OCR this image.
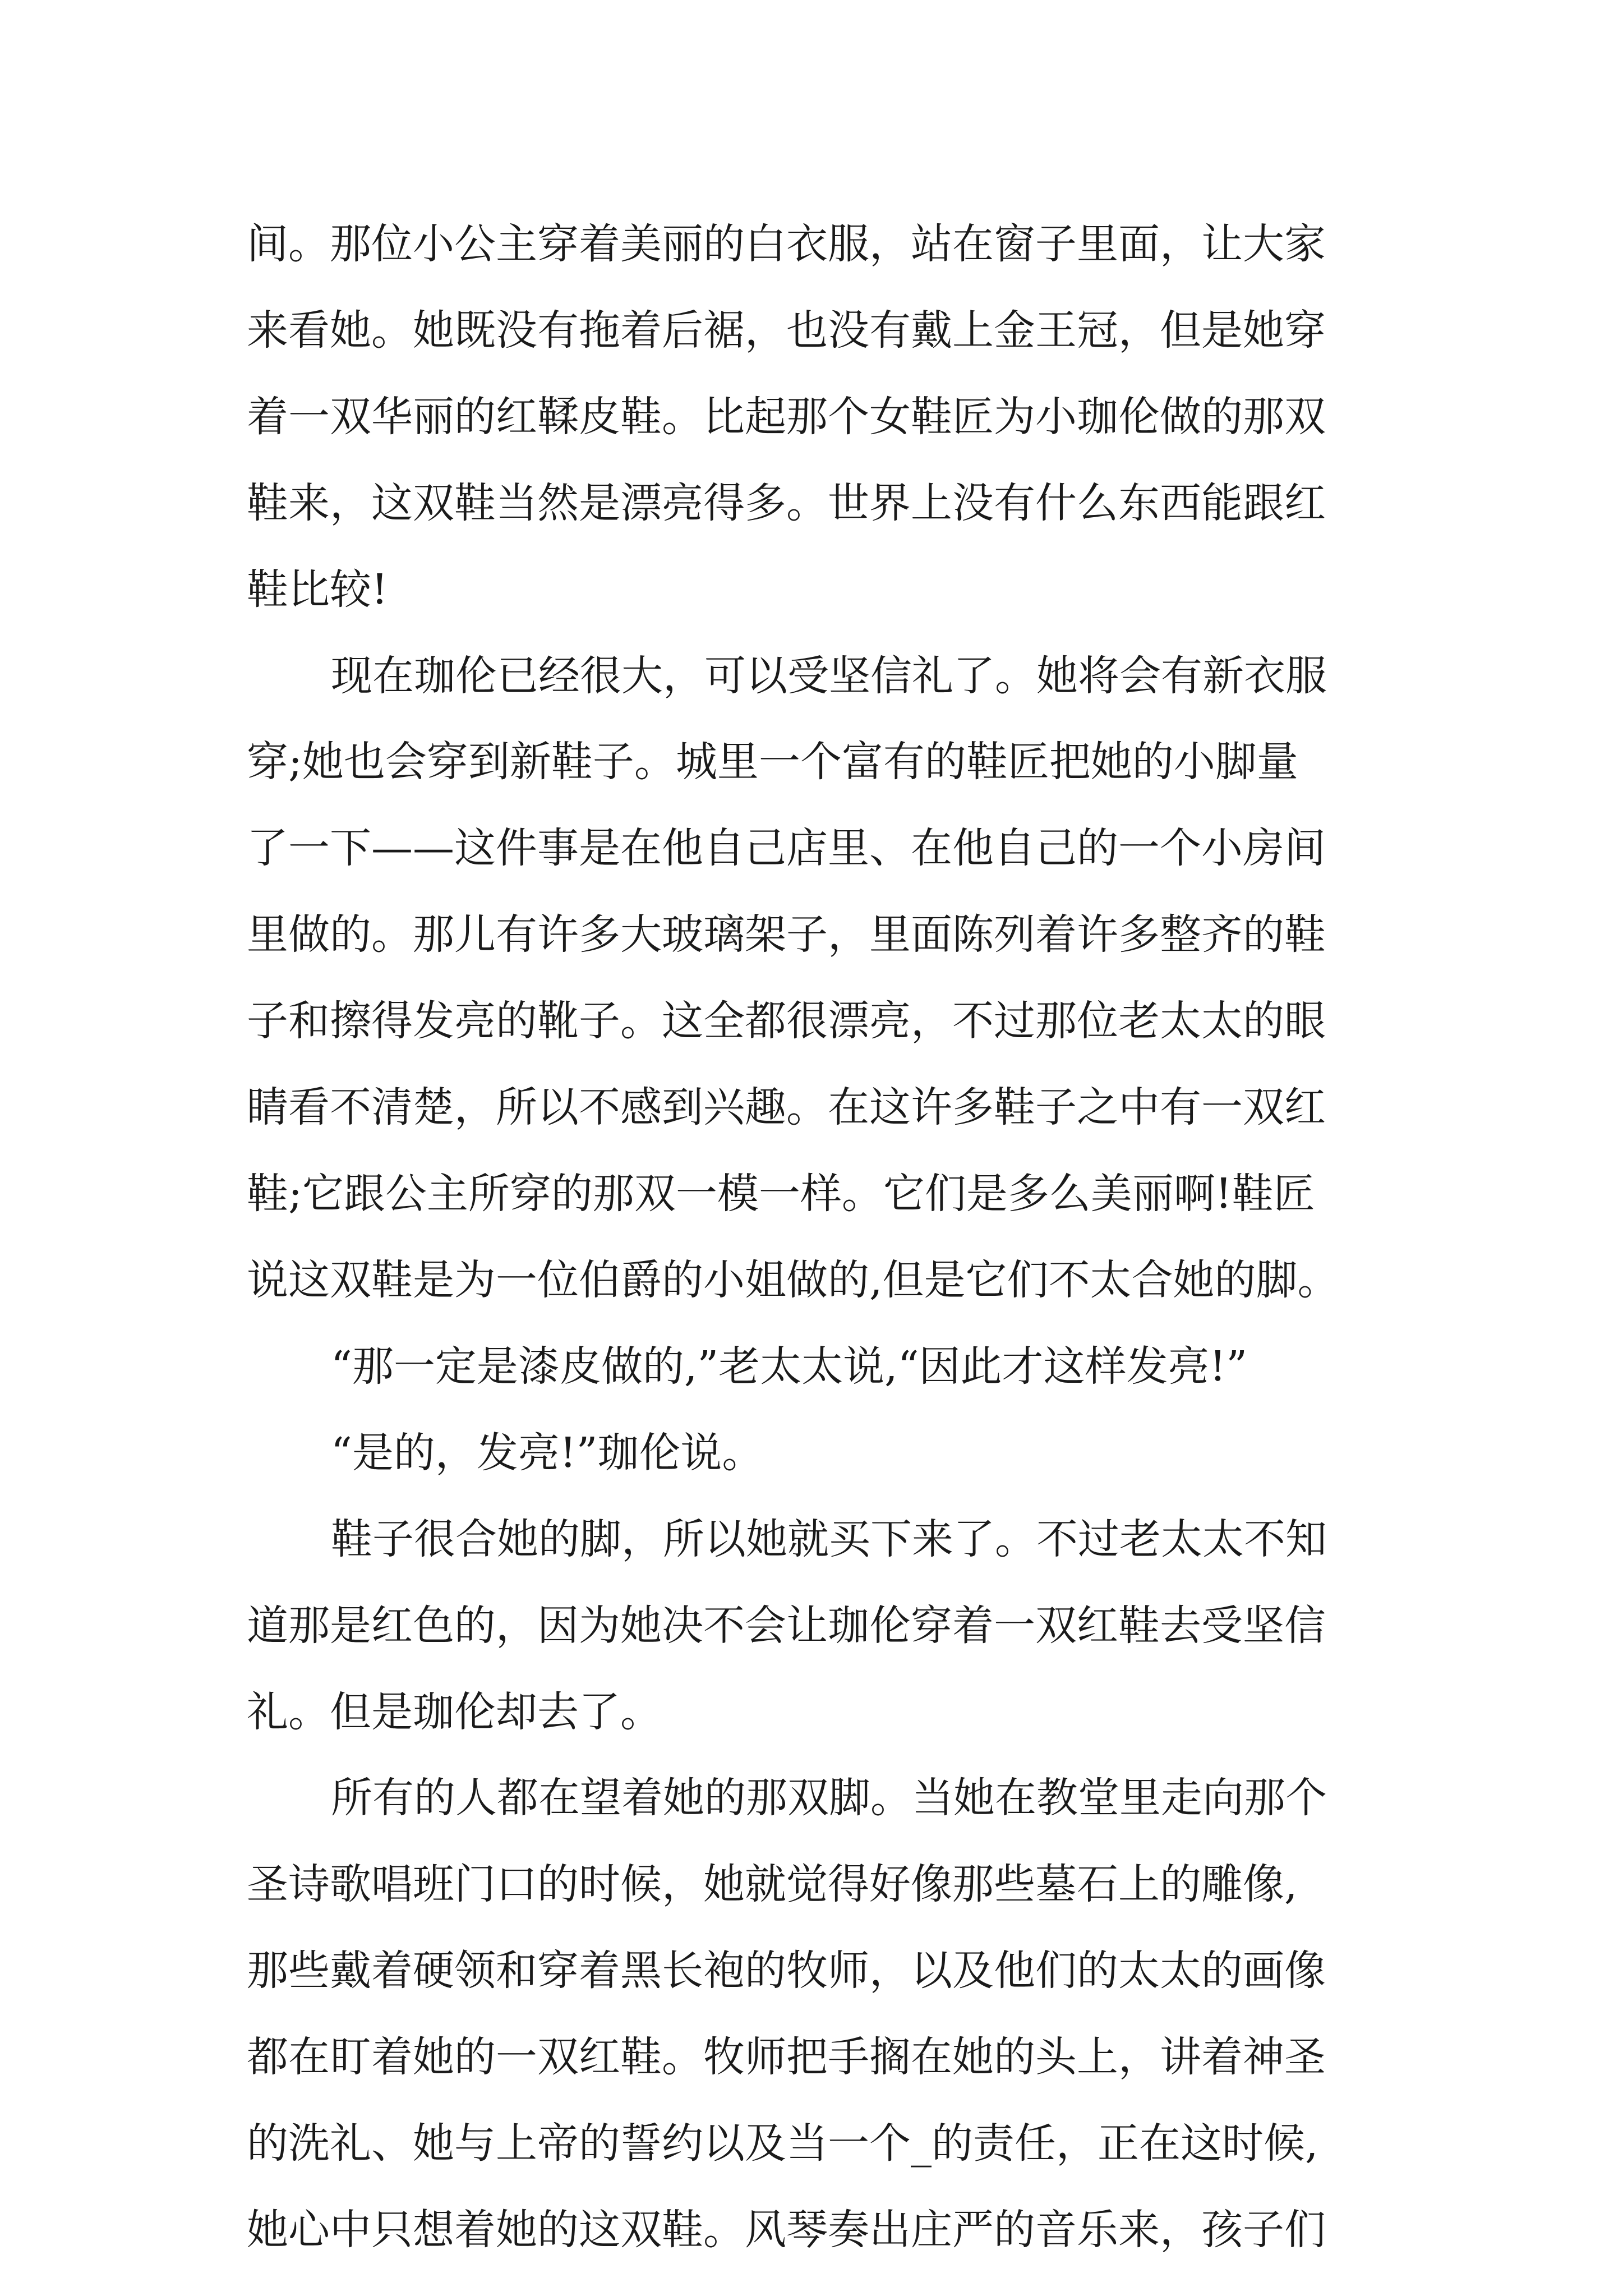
间。那位小公主穿着美丽的白衣服，站在窗子里面，让大家
来看她。她既没有拖着后裾，也没有戴上金王冠，但是她穿
着一双华丽的红鞣皮鞋。比起那个女鞋匠为小珈伦做的那双
鞋来，这双鞋当然是漂亮得多。世界上没有什么东西能跟红
鞋比较!
现在珈伦已经很大，可以受坚信礼了。她将会有新衣服
穿;她也会穿到新鞋子。城里一个富有的鞋匠把她的小脚量
了一下——这件事是在他自己店里、在他自己的一个小房间
里做的。那儿有许多大玻璃架子，里面陈列着许多整齐的鞋
子和擦得发亮的靴子。这全都很漂亮，不过那位老太太的眼
睛看不清楚，所以不感到兴趣。在这许多鞋子之中有一双红
鞋;它跟公主所穿的那双一模一样。它们是多么美丽啊!鞋匠
说这双鞋是为一位伯爵的小姐做的,但是它们不太合她的脚。
“那一定是漆皮做的,”老太太说,“因此才这样发亮!”
“是的，发亮!”珈伦说。
鞋子很合她的脚，所以她就买下来了。不过老太太不知
道那是红色的，因为她决不会让珈伦穿着一双红鞋去受坚信
礼。但是珈伦却去了。
所有的人都在望着她的那双脚。当她在教堂里走向那个
圣诗歌唱班门口的时候，她就觉得好像那些墓石上的雕像,
那些戴着硬领和穿着黑长袍的牧师，以及他们的太太的画像
都在盯着她的一双红鞋。牧师把手搁在她的头上，讲着神圣
的洗礼、她与上帝的誓约以及当一个_的责任，正在这时候,
她心中只想着她的这双鞋。风琴奏出庄严的音乐来，孩子们
